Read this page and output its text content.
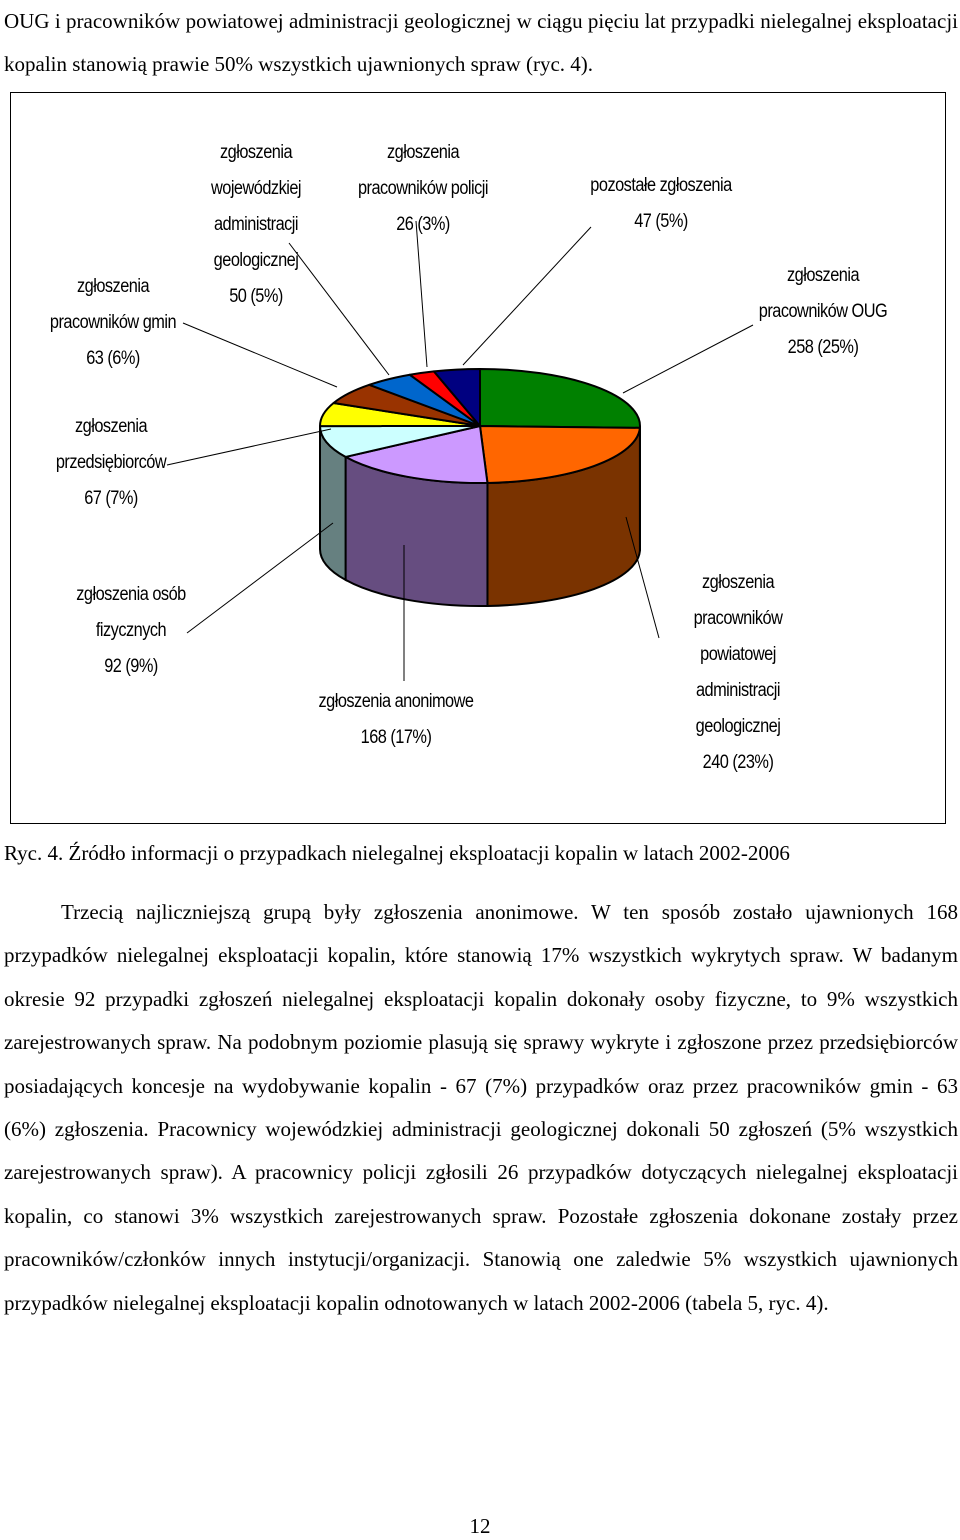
OUG i pracowników powiatowej administracji geologicznej w ciągu pięciu lat przypadki nielegalnej eksploatacji kopalin stanowią prawie 50% wszystkich ujawnionych spraw (ryc. 4).

zgłoszenia
pracowników OUG
258 (25%)
zgłoszenia
pracowników
powiatowej
administracji
geologicznej
240 (23%)
zgłoszenia anonimowe
168 (17%)
zgłoszenia osób
fizycznych
92 (9%)
zgłoszenia
przedsiębiorców
67 (7%)
zgłoszenia
pracowników gmin
63 (6%)
zgłoszenia
wojewódzkiej
administracji
geologicznej
50 (5%)
zgłoszenia
pracowników policji
26 (3%)
pozostałe zgłoszenia
47 (5%)

Ryc. 4. Źródło informacji o przypadkach nielegalnej eksploatacji kopalin w latach 2002-2006

Trzecią najliczniejszą grupą były zgłoszenia anonimowe. W ten sposób zostało ujawnionych 168 przypadków nielegalnej eksploatacji kopalin, które stanowią 17% wszystkich wykrytych spraw. W badanym okresie 92 przypadki zgłoszeń nielegalnej eksploatacji kopalin dokonały osoby fizyczne, to 9% wszystkich zarejestrowanych spraw. Na podobnym poziomie plasują się sprawy wykryte i zgłoszone przez przedsiębiorców posiadających koncesje na wydobywanie kopalin - 67 (7%) przypadków oraz przez pracowników gmin - 63 (6%) zgłoszenia. Pracownicy wojewódzkiej administracji geologicznej dokonali 50 zgłoszeń (5% wszystkich zarejestrowanych spraw). A pracownicy policji zgłosili 26 przypadków dotyczących nielegalnej eksploatacji kopalin, co stanowi 3% wszystkich zarejestrowanych spraw. Pozostałe zgłoszenia dokonane zostały przez pracowników/członków innych instytucji/organizacji. Stanowią one zaledwie 5% wszystkich ujawnionych przypadków nielegalnej eksploatacji kopalin odnotowanych w latach 2002-2006 (tabela 5, ryc. 4).

12
